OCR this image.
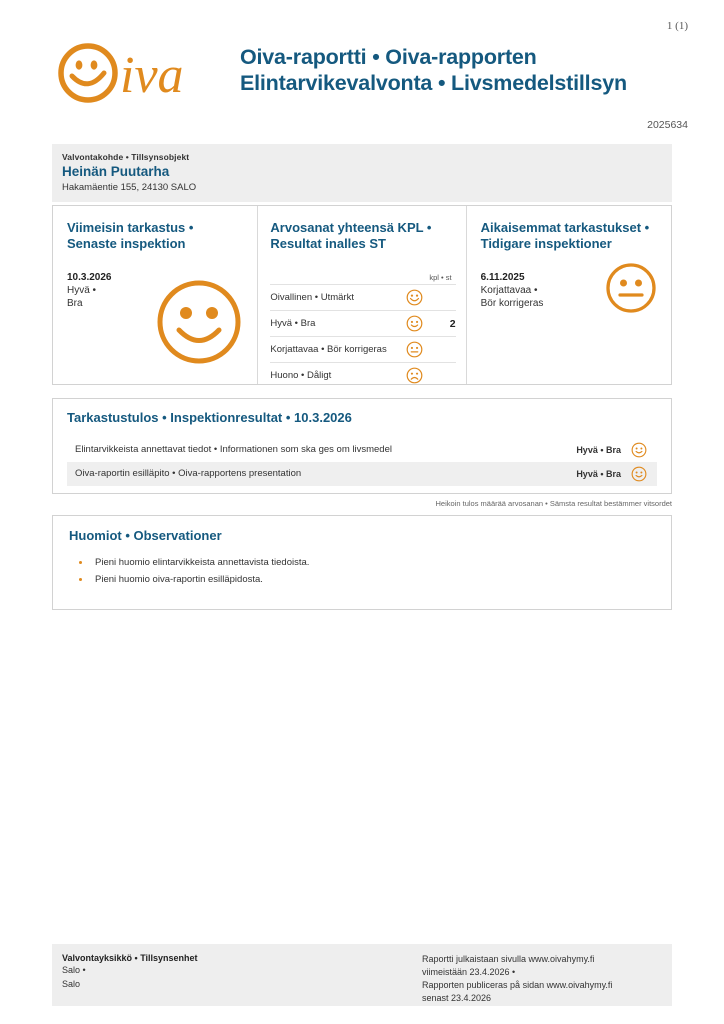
1 (1)
iva	Oiva-raportti • Oiva-rapporten
Elintarvikevalvonta • Livsmedelstillsyn
2025634
Valvontakohde • Tillsynsobjekt
Heinän Puutarha
Hakamäentie 155, 24130 SALO
Viimeisin tarkastus •
Senaste inspektion
10.3.2026
Hyvä •
Bra
Arvosanat yhteensä KPL •
Resultat inalles ST
kpl • st
Oivallinen • Utmärkt
Hyvä • Bra	2
Korjattavaa • Bör korrigeras
Huono • Dåligt
Aikaisemmat tarkastukset •
Tidigare inspektioner
6.11.2025
Korjattavaa •
Bör korrigeras
Tarkastustulos • Inspektionresultat • 10.3.2026
Elintarvikkeista annettavat tiedot • Informationen som ska ges om livsmedel	Hyvä • Bra
Oiva-raportin esilläpito • Oiva-rapportens presentation	Hyvä • Bra
Heikoin tulos määrää arvosanan • Sämsta resultat bestämmer vitsordet
Huomiot • Observationer
Pieni huomio elintarvikkeista annettavista tiedoista.
Pieni huomio oiva-raportin esilläpidosta.
Valvontayksikkö • Tillsynsenhet
Salo •
Salo
Raportti julkaistaan sivulla www.oivahymy.fi
viimeistään 23.4.2026 •
Rapporten publiceras på sidan www.oivahymy.fi
senast 23.4.2026
